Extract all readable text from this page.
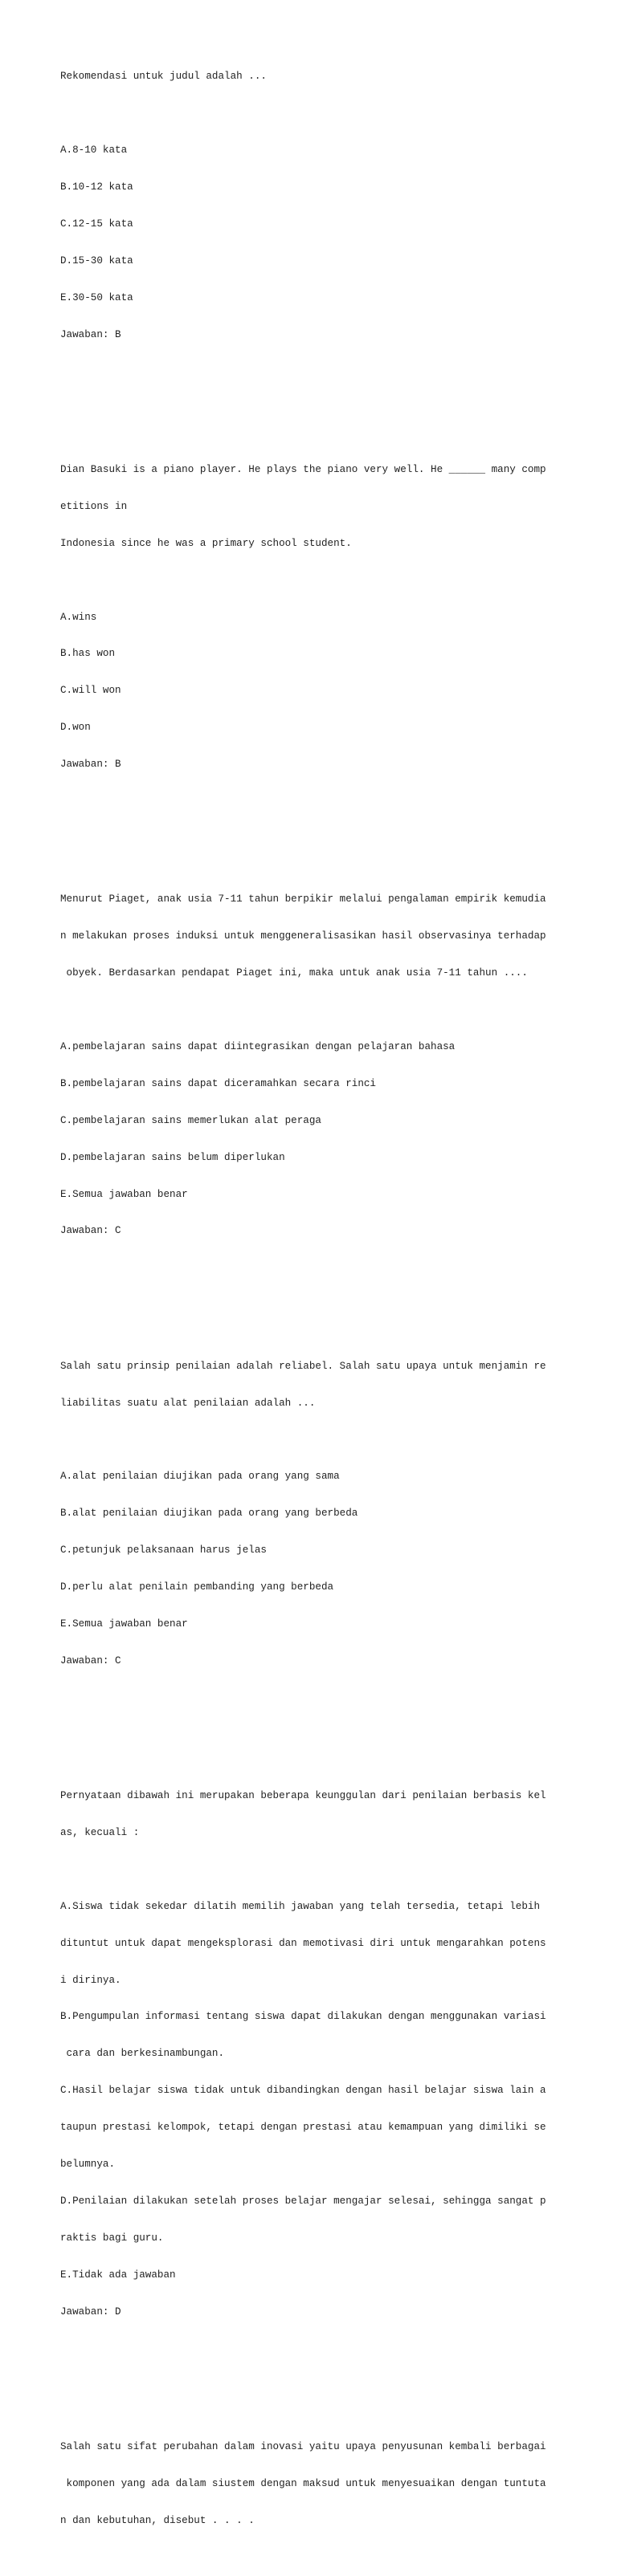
Rekomendasi untuk judul adalah ...

A.8-10 kata

B.10-12 kata

C.12-15 kata

D.15-30 kata

E.30-50 kata

Jawaban: B

Dian Basuki is a piano player. He plays the piano very well. He ______ many comp

etitions in

Indonesia since he was a primary school student.

A.wins

B.has won

C.will won

D.won

Jawaban: B

Menurut Piaget, anak usia 7-11 tahun berpikir melalui pengalaman empirik kemudia

n melakukan proses induksi untuk menggeneralisasikan hasil observasinya terhadap

obyek. Berdasarkan pendapat Piaget ini, maka untuk anak usia 7-11 tahun ....

A.pembelajaran sains dapat diintegrasikan dengan pelajaran bahasa

B.pembelajaran sains dapat diceramahkan secara rinci

C.pembelajaran sains memerlukan alat peraga

D.pembelajaran sains belum diperlukan

E.Semua jawaban benar

Jawaban: C

Salah satu prinsip penilaian adalah reliabel. Salah satu upaya untuk menjamin re

liabilitas suatu alat penilaian adalah ...

A.alat penilaian diujikan pada orang yang sama

B.alat penilaian diujikan pada orang yang berbeda

C.petunjuk pelaksanaan harus jelas

D.perlu alat penilain pembanding yang berbeda

E.Semua jawaban benar

Jawaban: C

Pernyataan dibawah ini merupakan beberapa keunggulan dari penilaian berbasis kel

as, kecuali :

A.Siswa tidak sekedar dilatih memilih jawaban yang telah tersedia, tetapi lebih

dituntut untuk dapat mengeksplorasi dan memotivasi diri untuk mengarahkan potens

i dirinya.

B.Pengumpulan informasi tentang siswa dapat dilakukan dengan menggunakan variasi

cara dan berkesinambungan.

C.Hasil belajar siswa tidak untuk dibandingkan dengan hasil belajar siswa lain a

taupun prestasi kelompok, tetapi dengan prestasi atau kemampuan yang dimiliki se

belumnya.

D.Penilaian dilakukan setelah proses belajar mengajar selesai, sehingga sangat p

raktis bagi guru.

E.Tidak ada jawaban

Jawaban: D

Salah satu sifat perubahan dalam inovasi yaitu upaya penyusunan kembali berbagai

komponen yang ada dalam siustem dengan maksud untuk menyesuaikan dengan tuntuta

n dan kebutuhan, disebut . . . .
